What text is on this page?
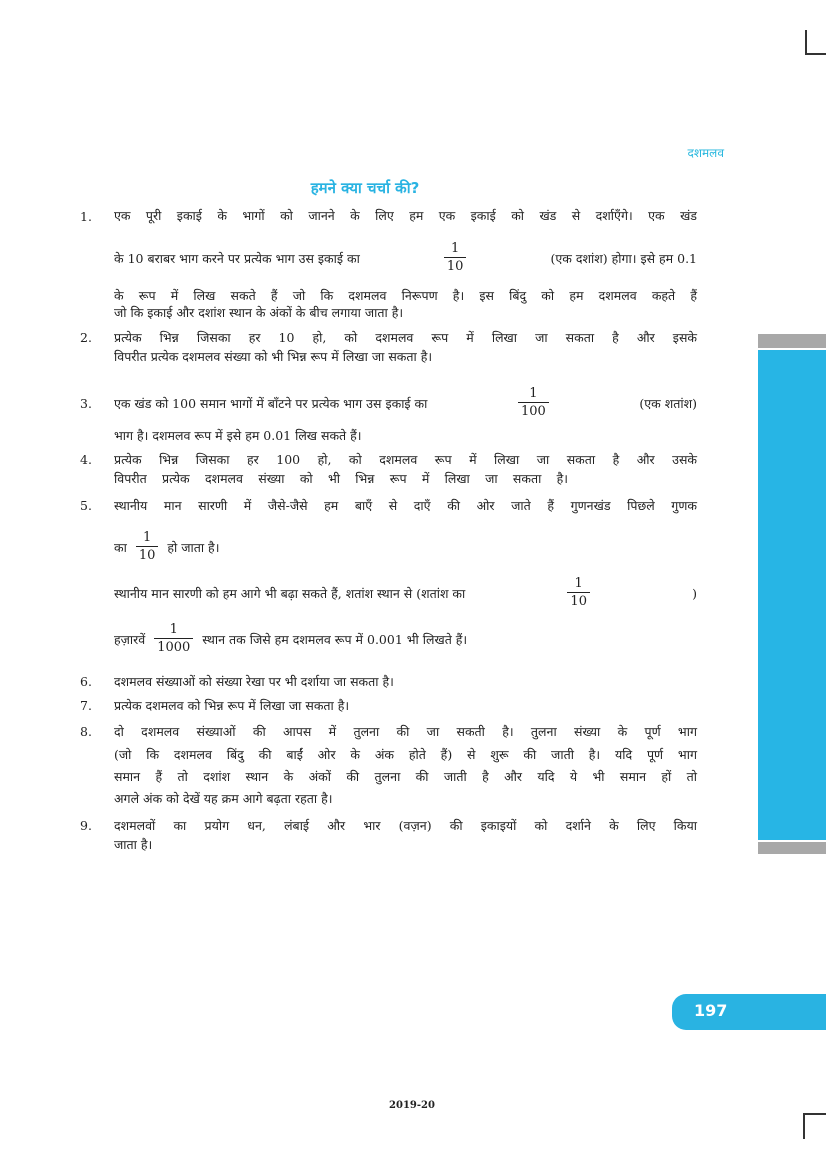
दशमलव
हमने क्या चर्चा की?
1. एक पूरी इकाई के भागों को जानने के लिए हम एक इकाई को खंड से दर्शाएँगे। एक खंड
के 10 बराबर भाग करने पर प्रत्येक भाग उस इकाई का	$\frac{1}{10}$	(एक दशांश) होगा। इसे हम 0.1
के रूप में लिख सकते हैं जो कि दशमलव निरूपण है। इस बिंदु को हम दशमलव कहते हैं
जो कि इकाई और दशांश स्थान के अंकों के बीच लगाया जाता है।
2. प्रत्येक भिन्न जिसका हर 10 हो, को दशमलव रूप में लिखा जा सकता है और इसके
विपरीत प्रत्येक दशमलव संख्या को भी भिन्न रूप में लिखा जा सकता है।
3. एक खंड को 100 समान भागों में बाँटने पर प्रत्येक भाग उस इकाई का	$\frac{1}{100}$	(एक शतांश)
भाग है। दशमलव रूप में इसे हम 0.01 लिख सकते हैं।
4. प्रत्येक भिन्न जिसका हर 100 हो, को दशमलव रूप में लिखा जा सकता है और उसके
विपरीत प्रत्येक दशमलव संख्या को भी भिन्न रूप में लिखा जा सकता है।
5. स्थानीय मान सारणी में जैसे-जैसे हम बाएँ से दाएँ की ओर जाते हैं गुणनखंड पिछले गुणक
का $\frac{1}{10}$ हो जाता है।
स्थानीय मान सारणी को हम आगे भी बढ़ा सकते हैं, शतांश स्थान से (शतांश का	$\frac{1}{10}$	)
हज़ारवें $\frac{1}{1000}$ स्थान तक जिसे हम दशमलव रूप में 0.001 भी लिखते हैं।
6. दशमलव संख्याओं को संख्या रेखा पर भी दर्शाया जा सकता है।
7. प्रत्येक दशमलव को भिन्न रूप में लिखा जा सकता है।
8. दो दशमलव संख्याओं की आपस में तुलना की जा सकती है। तुलना संख्या के पूर्ण भाग
(जो कि दशमलव बिंदु की बाईं ओर के अंक होते हैं) से शुरू की जाती है। यदि पूर्ण भाग
समान हैं तो दशांश स्थान के अंकों की तुलना की जाती है और यदि ये भी समान हों तो
अगले अंक को देखें यह क्रम आगे बढ़ता रहता है।
9. दशमलवों का प्रयोग धन, लंबाई और भार (वज़न) की इकाइयों को दर्शाने के लिए किया
जाता है।
197
2019-20
